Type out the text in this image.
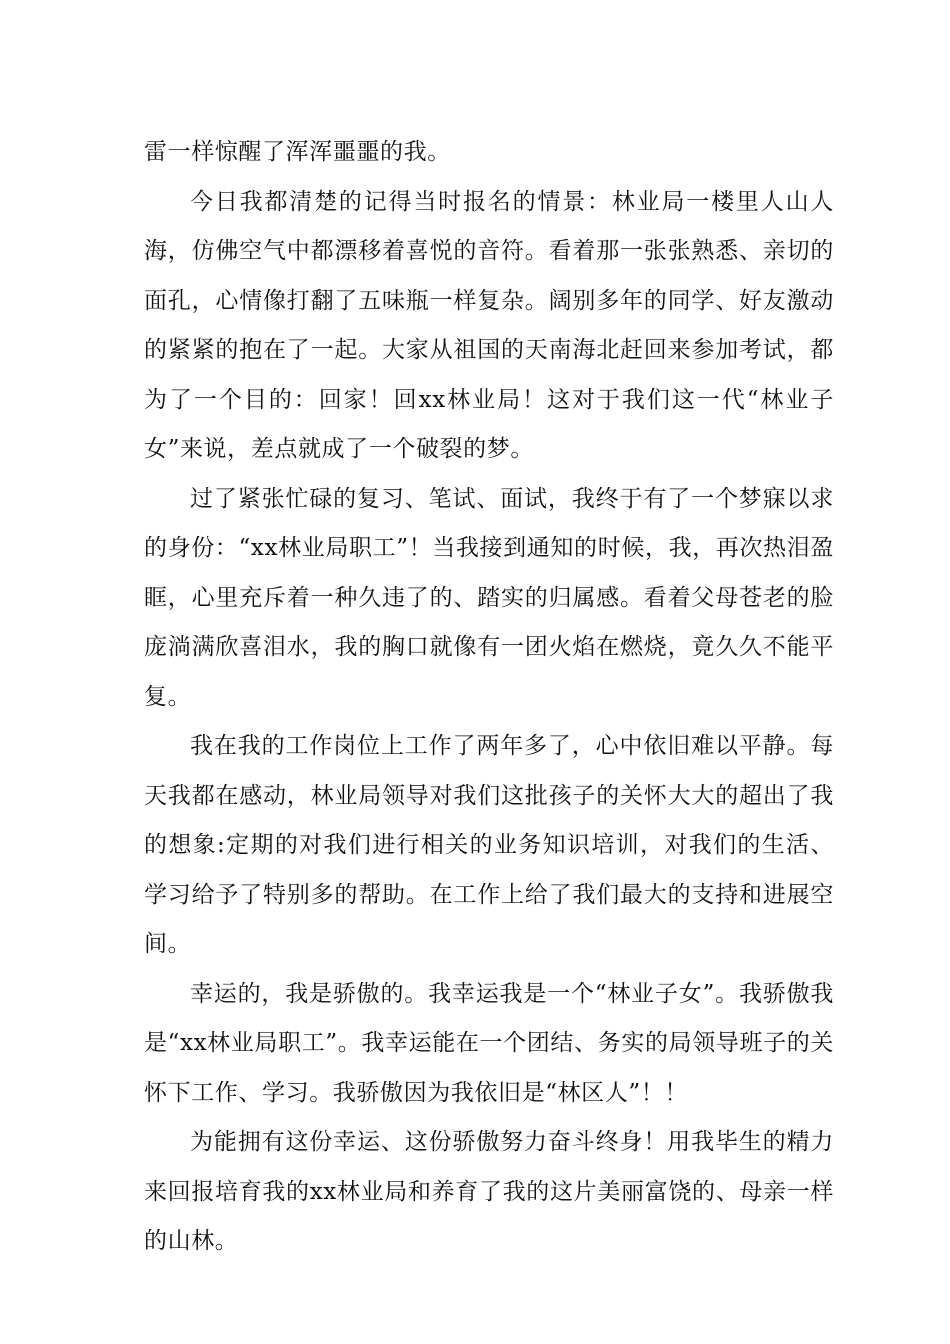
雷一样惊醒了浑浑噩噩的我。

今日我都清楚的记得当时报名的情景：林业局一楼里人山人海，仿佛空气中都漂移着喜悦的音符。看着那一张张熟悉、亲切的面孔，心情像打翻了五味瓶一样复杂。阔别多年的同学、好友激动的紧紧的抱在了一起。大家从祖国的天南海北赶回来参加考试，都为了一个目的：回家！回xx林业局！这对于我们这一代“林业子女”来说，差点就成了一个破裂的梦。

过了紧张忙碌的复习、笔试、面试，我终于有了一个梦寐以求的身份：“xx林业局职工”！当我接到通知的时候，我，再次热泪盈眶，心里充斥着一种久违了的、踏实的归属感。看着父母苍老的脸庞淌满欣喜泪水，我的胸口就像有一团火焰在燃烧，竟久久不能平复。

我在我的工作岗位上工作了两年多了，心中依旧难以平静。每天我都在感动，林业局领导对我们这批孩子的关怀大大的超出了我的想象:定期的对我们进行相关的业务知识培训，对我们的生活、学习给予了特别多的帮助。在工作上给了我们最大的支持和进展空间。

幸运的，我是骄傲的。我幸运我是一个“林业子女”。我骄傲我是“xx林业局职工”。我幸运能在一个团结、务实的局领导班子的关怀下工作、学习。我骄傲因为我依旧是“林区人”！！

为能拥有这份幸运、这份骄傲努力奋斗终身！用我毕生的精力来回报培育我的xx林业局和养育了我的这片美丽富饶的、母亲一样的山林。
